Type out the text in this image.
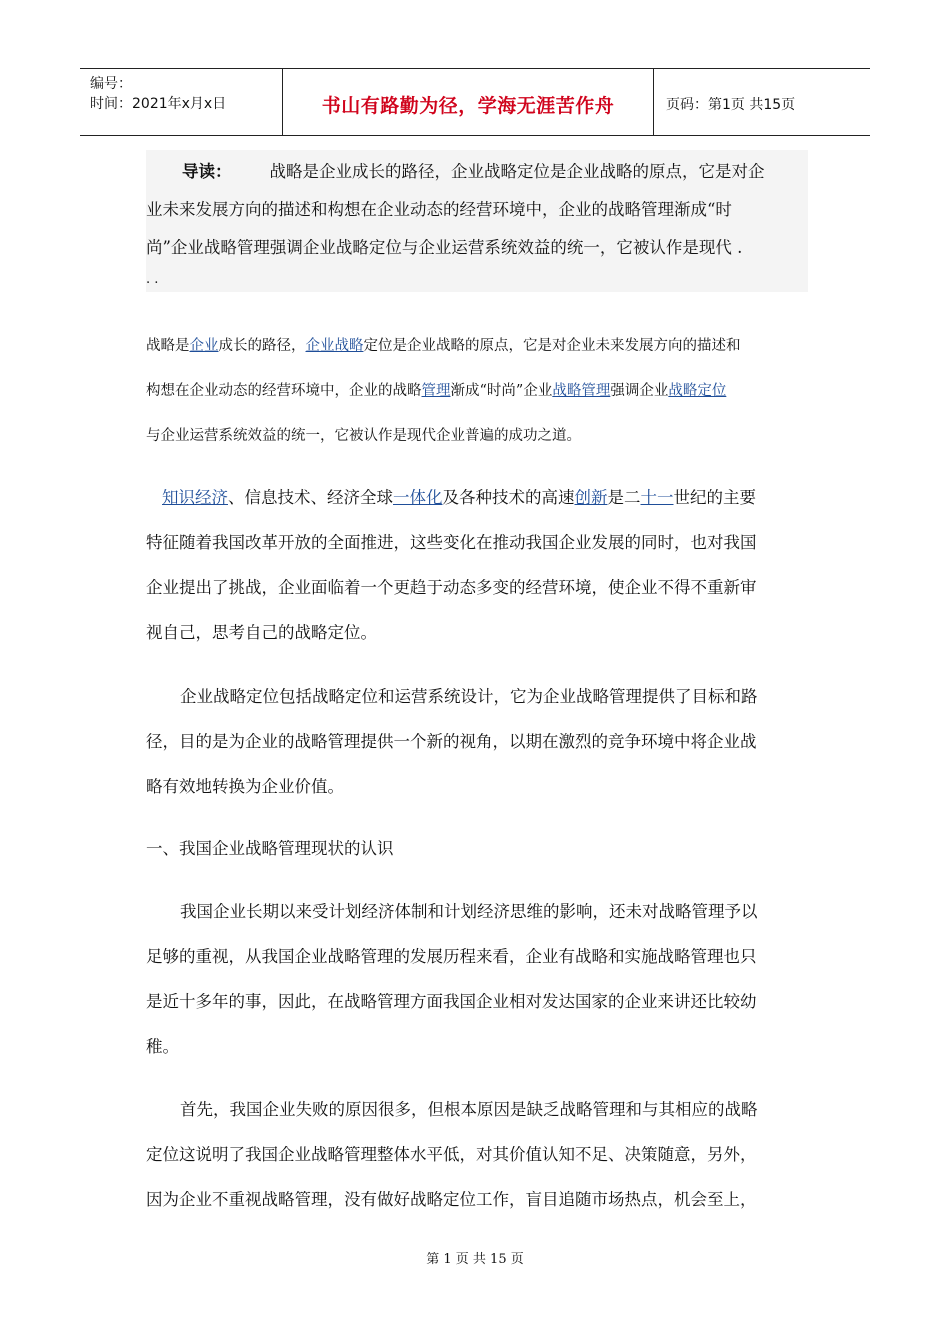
编号：
时间：2021年x月x日	书山有路勤为径，学海无涯苦作舟	页码：第1页 共15页
导读： 战略是企业成长的路径，企业战略定位是企业战略的原点，它是对企
业未来发展方向的描述和构想在企业动态的经营环境中，企业的战略管理渐成“时
尚”企业战略管理强调企业战略定位与企业运营系统效益的统一，它被认作是现代 .
. .
战略是企业成长的路径，企业战略定位是企业战略的原点，它是对企业未来发展方向的描述和
构想在企业动态的经营环境中，企业的战略管理渐成“时尚”企业战略管理强调企业战略定位
与企业运营系统效益的统一，它被认作是现代企业普遍的成功之道。
知识经济、信息技术、经济全球一体化及各种技术的高速创新是二十一世纪的主要
特征随着我国改革开放的全面推进，这些变化在推动我国企业发展的同时，也对我国
企业提出了挑战，企业面临着一个更趋于动态多变的经营环境，使企业不得不重新审
视自己，思考自己的战略定位。
企业战略定位包括战略定位和运营系统设计，它为企业战略管理提供了目标和路
径，目的是为企业的战略管理提供一个新的视角，以期在激烈的竞争环境中将企业战
略有效地转换为企业价值。
一、我国企业战略管理现状的认识
我国企业长期以来受计划经济体制和计划经济思维的影响，还未对战略管理予以
足够的重视，从我国企业战略管理的发展历程来看，企业有战略和实施战略管理也只
是近十多年的事，因此，在战略管理方面我国企业相对发达国家的企业来讲还比较幼
稚。
首先，我国企业失败的原因很多，但根本原因是缺乏战略管理和与其相应的战略
定位这说明了我国企业战略管理整体水平低，对其价值认知不足、决策随意，另外，
因为企业不重视战略管理，没有做好战略定位工作，盲目追随市场热点，机会至上，
第 1 页 共 15 页
